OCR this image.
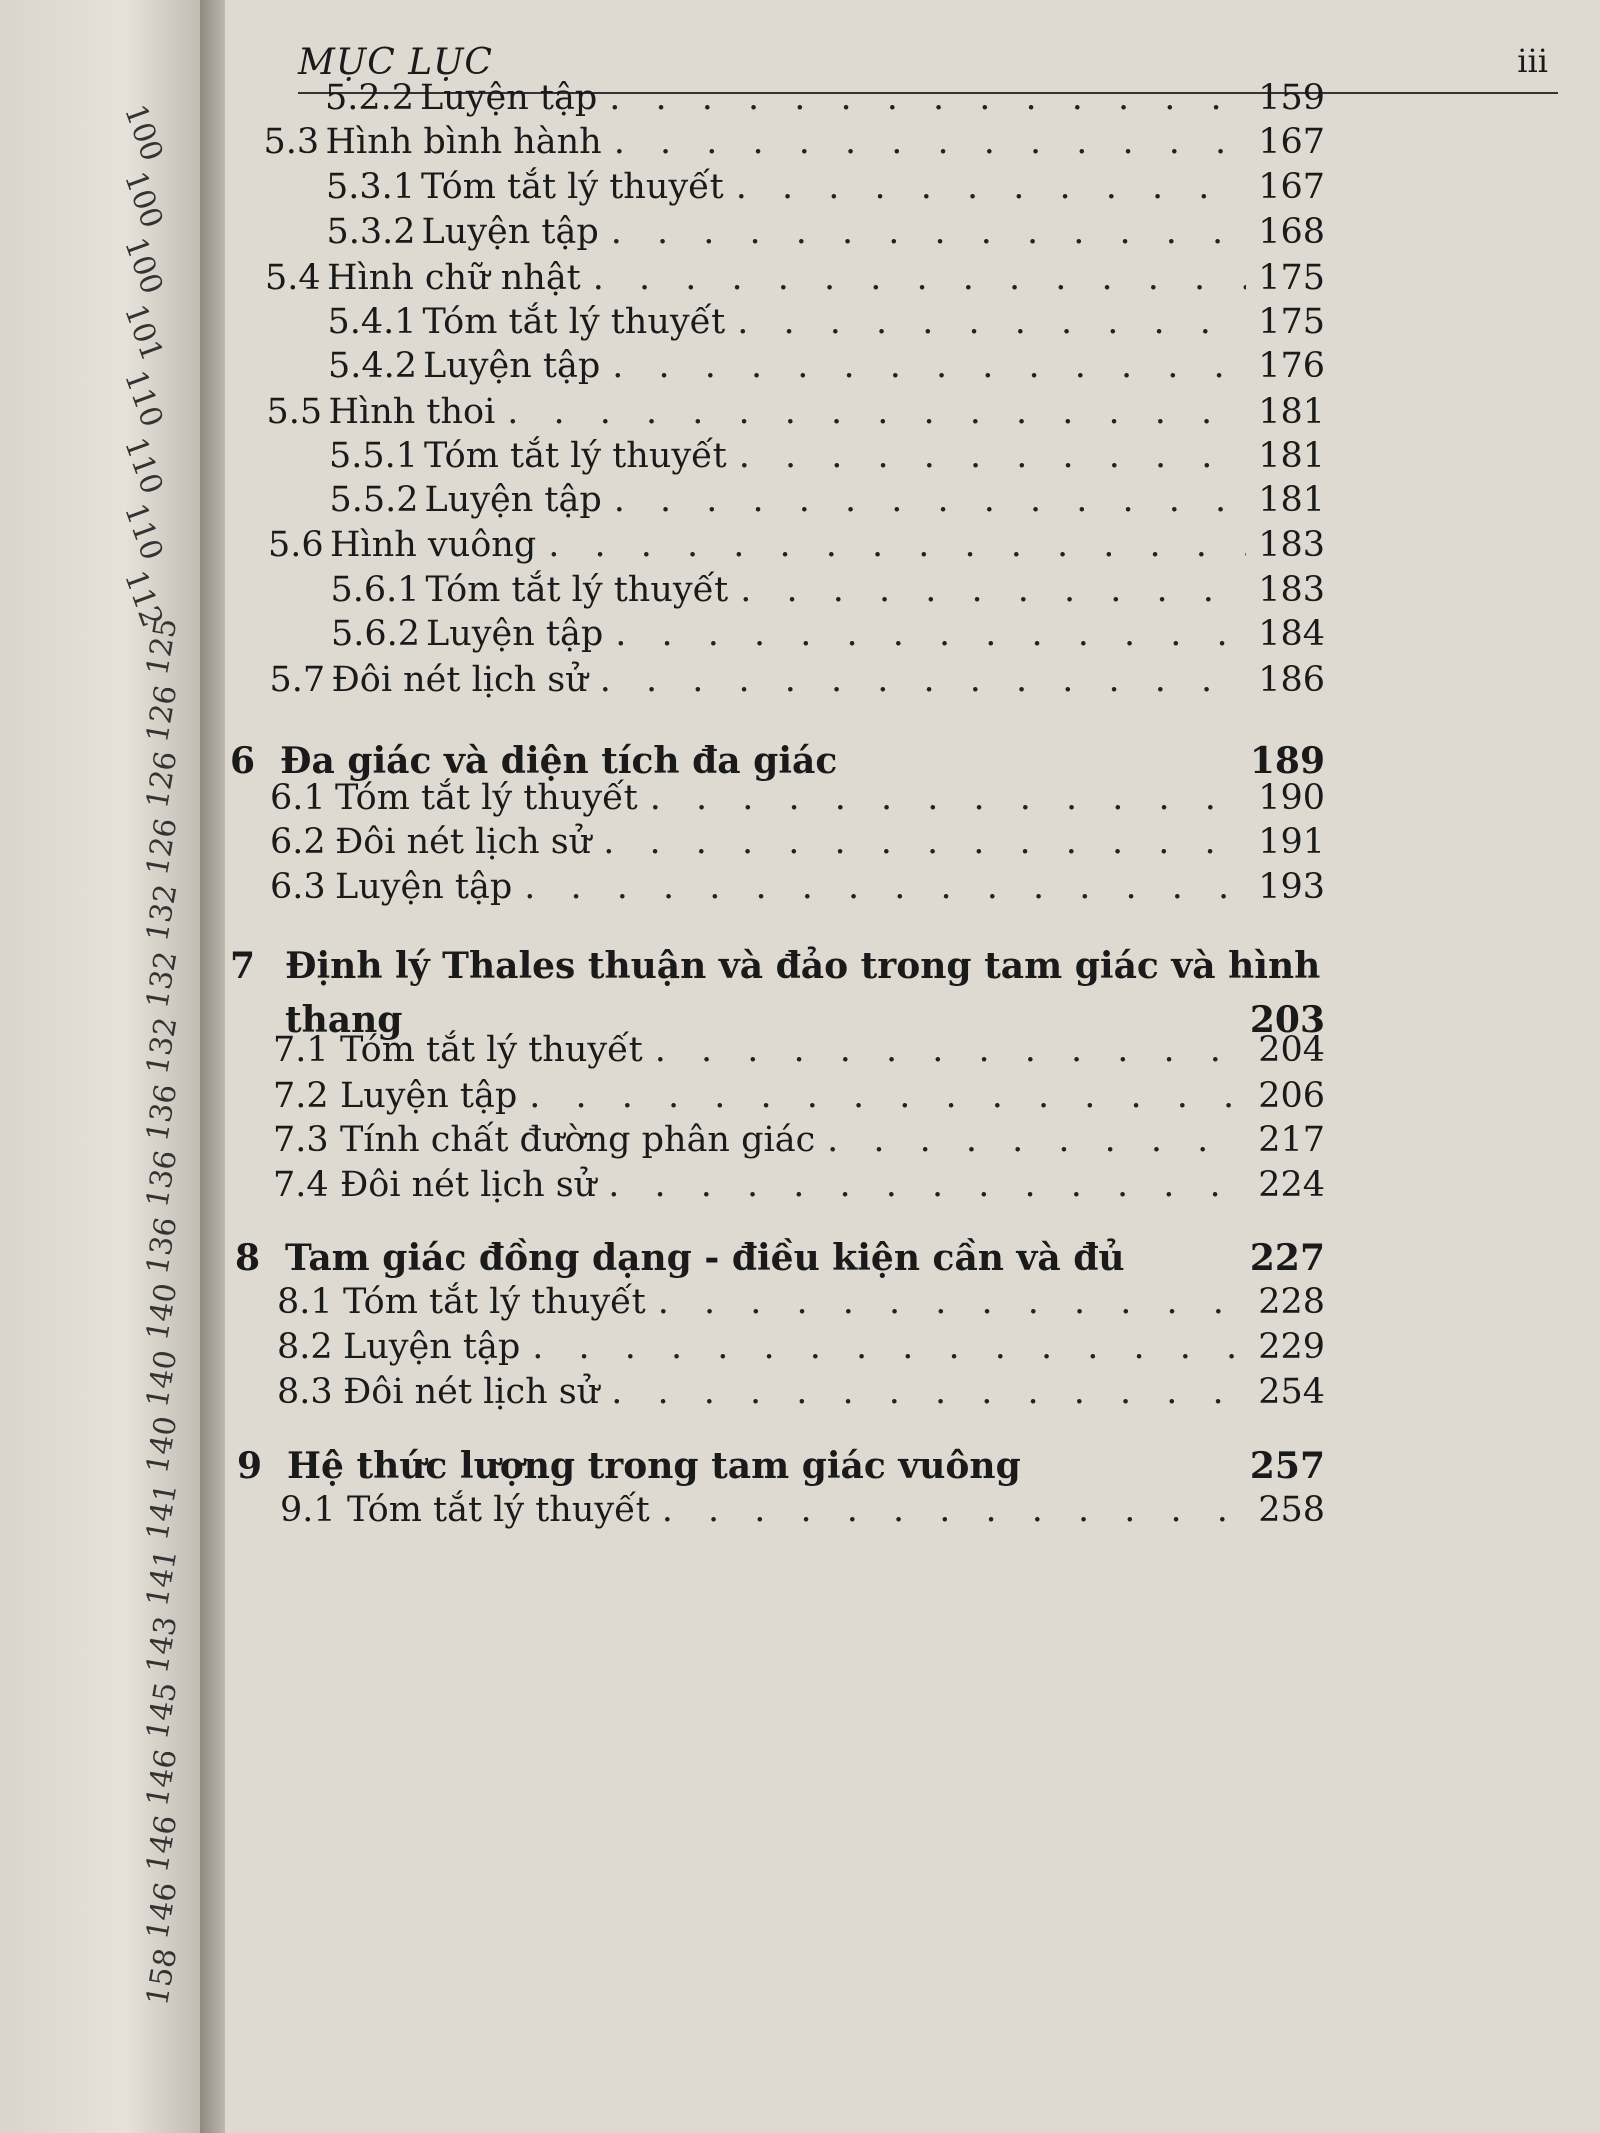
100
100
100
101
110
110
110
112
125
126
126
126
132
132
132
136
136
136
140
140
140
141
141
143
145
146
146
146
158
MỤC LỤC	iii
5.2.2 Luyện tập . . .	159
5.3 Hình bình hành . . .	167
5.3.1 Tóm tắt lý thuyết . . .	167
5.3.2 Luyện tập . . .	168
5.4 Hình chữ nhật . . .	175
5.4.1 Tóm tắt lý thuyết . . .	175
5.4.2 Luyện tập . . .	176
5.5 Hình thoi . . .	181
5.5.1 Tóm tắt lý thuyết . . .	181
5.5.2 Luyện tập . . .	181
5.6 Hình vuông . . .	183
5.6.1 Tóm tắt lý thuyết . . .	183
5.6.2 Luyện tập . . .	184
5.7 Đôi nét lịch sử . . .	186
6 Đa giác và diện tích đa giác	189
6.1 Tóm tắt lý thuyết . . .	190
6.2 Đôi nét lịch sử . . .	191
6.3 Luyện tập . . .	193
7 Định lý Thales thuận và đảo trong tam giác và hình
thang	203
7.1 Tóm tắt lý thuyết . . .	204
7.2 Luyện tập . . .	206
7.3 Tính chất đường phân giác . . .	217
7.4 Đôi nét lịch sử . . .	224
8 Tam giác đồng dạng - điều kiện cần và đủ	227
8.1 Tóm tắt lý thuyết . . .	228
8.2 Luyện tập . . .	229
8.3 Đôi nét lịch sử . . .	254
9 Hệ thức lượng trong tam giác vuông	257
9.1 Tóm tắt lý thuyết . . .	258
